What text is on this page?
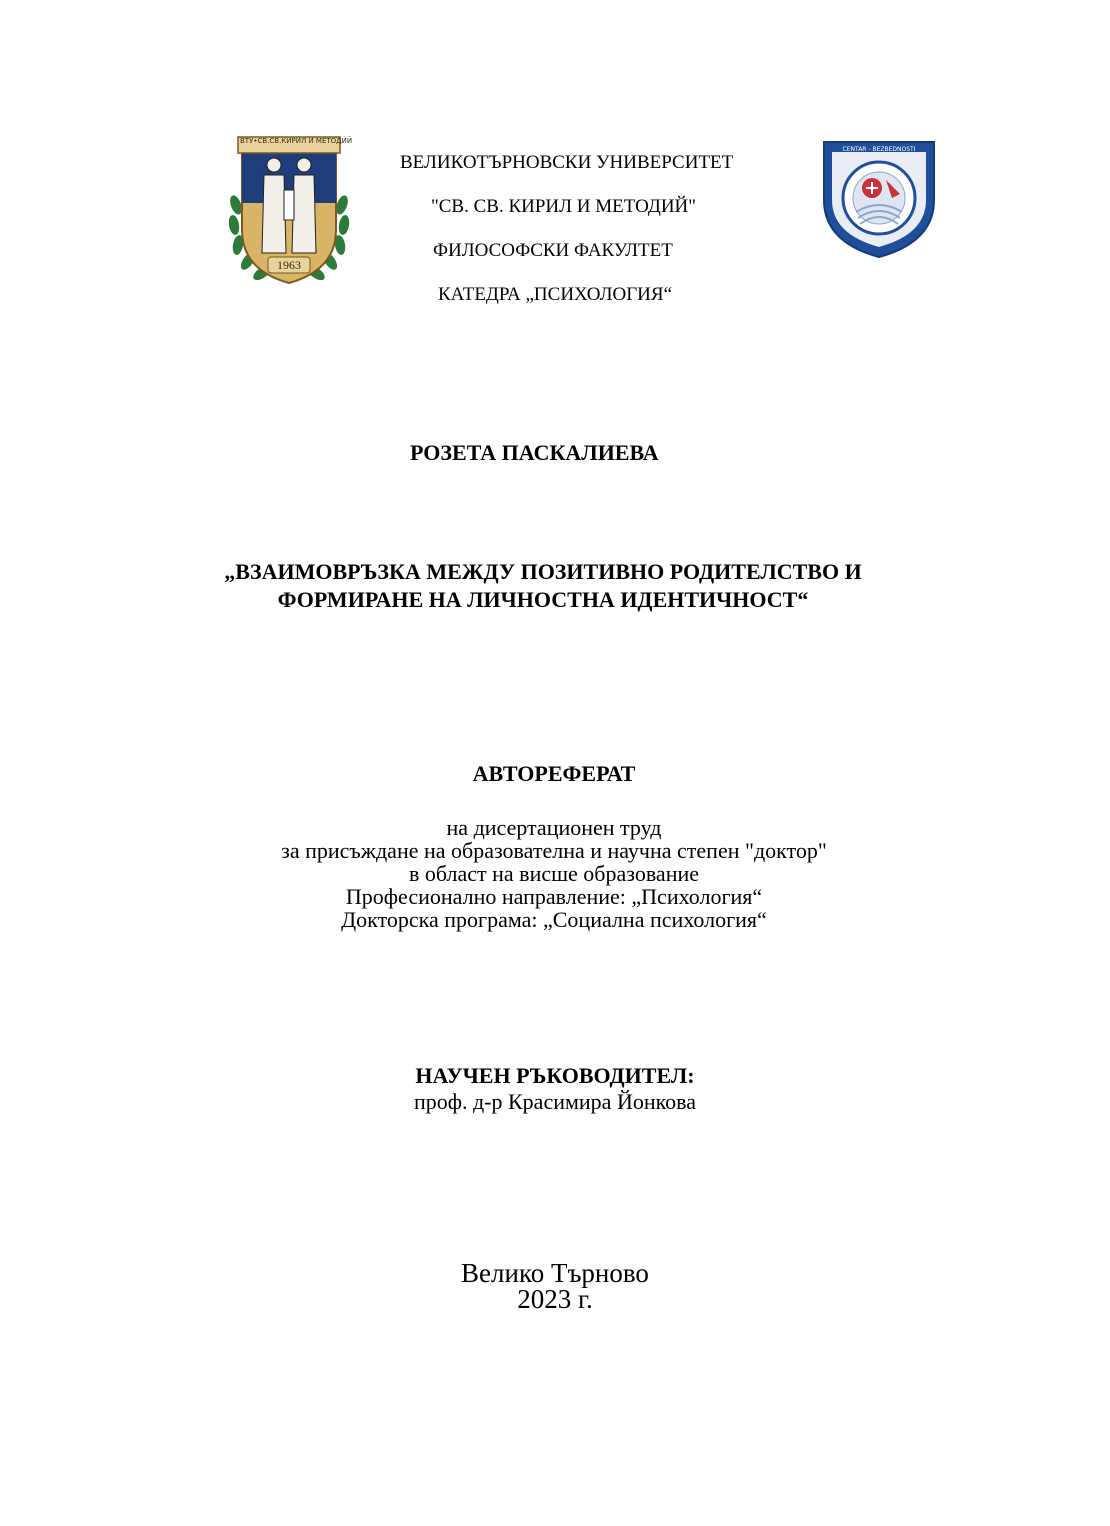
ВТУ•СВ.СВ.КИРИЛ И МЕТОДИЙ
1963
CENTAR - BEZBEDNOSTI
ВЕЛИКОТЪРНОВСКИ УНИВЕРСИТЕТ
"СВ. СВ. КИРИЛ И МЕТОДИЙ"
ФИЛОСОФСКИ ФАКУЛТЕТ
КАТЕДРА „ПСИХОЛОГИЯ“
РОЗЕТА ПАСКАЛИЕВА
„ВЗАИМОВРЪЗКА МЕЖДУ ПОЗИТИВНО РОДИТЕЛСТВО И
ФОРМИРАНЕ НА ЛИЧНОСТНА ИДЕНТИЧНОСТ“
АВТОРЕФЕРАТ
на дисертационен труд
за присъждане на образователна и научна степен "доктор"
в област на висше образование
Професионално направление: „Психология“
Докторска програма: „Социална психология“
НАУЧЕН РЪКОВОДИТЕЛ:
проф. д-р Красимира Йонкова
Велико Търново
2023 г.
